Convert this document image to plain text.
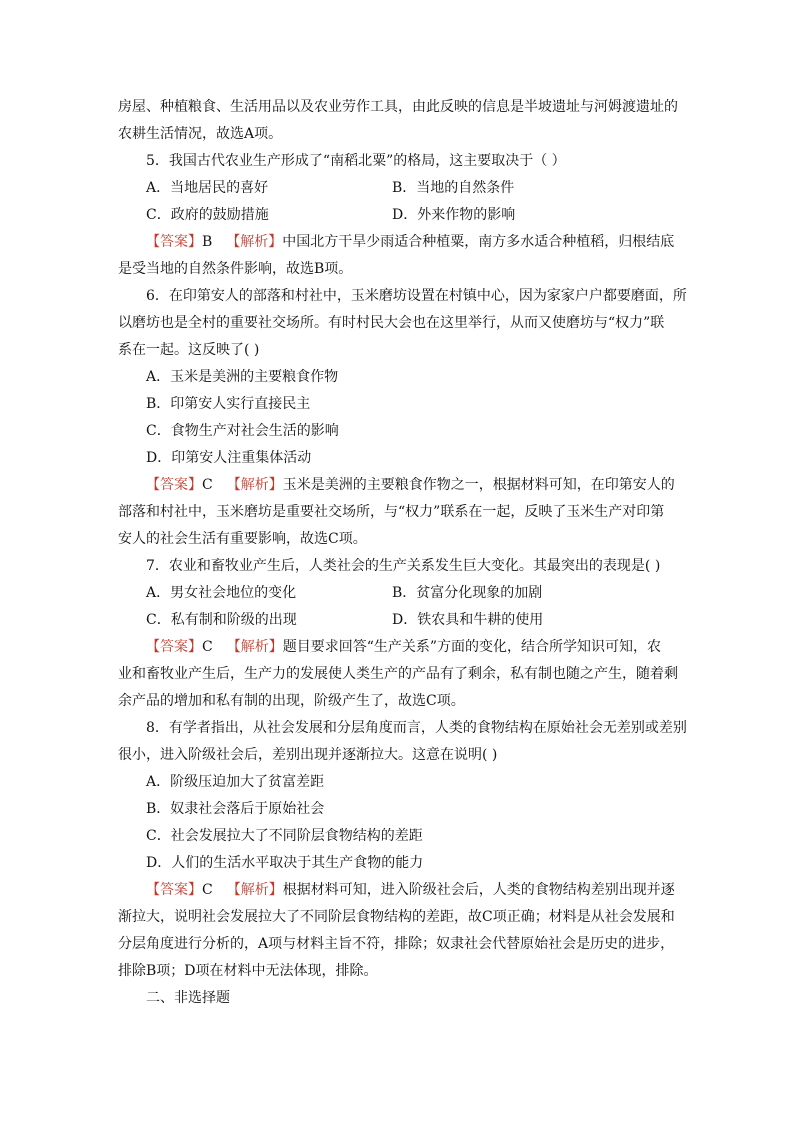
房屋、种植粮食、生活用品以及农业劳作工具，由此反映的信息是半坡遗址与河姆渡遗址的
农耕生活情况，故选A项。
5．我国古代农业生产形成了“南稻北粟”的格局，这主要取决于（ ）
A．当地居民的喜好	B．当地的自然条件
C．政府的鼓励措施	D．外来作物的影响
【答案】B 【解析】中国北方干旱少雨适合种植粟，南方多水适合种植稻，归根结底
是受当地的自然条件影响，故选B项。
6．在印第安人的部落和村社中，玉米磨坊设置在村镇中心，因为家家户户都要磨面，所
以磨坊也是全村的重要社交场所。有时村民大会也在这里举行，从而又使磨坊与“权力”联
系在一起。这反映了( )
A．玉米是美洲的主要粮食作物
B．印第安人实行直接民主
C．食物生产对社会生活的影响
D．印第安人注重集体活动
【答案】C 【解析】玉米是美洲的主要粮食作物之一，根据材料可知，在印第安人的
部落和村社中，玉米磨坊是重要社交场所，与“权力”联系在一起，反映了玉米生产对印第
安人的社会生活有重要影响，故选C项。
7．农业和畜牧业产生后，人类社会的生产关系发生巨大变化。其最突出的表现是( )
A．男女社会地位的变化	B．贫富分化现象的加剧
C．私有制和阶级的出现	D．铁农具和牛耕的使用
【答案】C 【解析】题目要求回答“生产关系”方面的变化，结合所学知识可知，农
业和畜牧业产生后，生产力的发展使人类生产的产品有了剩余，私有制也随之产生，随着剩
余产品的增加和私有制的出现，阶级产生了，故选C项。
8．有学者指出，从社会发展和分层角度而言，人类的食物结构在原始社会无差别或差别
很小，进入阶级社会后，差别出现并逐渐拉大。这意在说明( )
A．阶级压迫加大了贫富差距
B．奴隶社会落后于原始社会
C．社会发展拉大了不同阶层食物结构的差距
D．人们的生活水平取决于其生产食物的能力
【答案】C 【解析】根据材料可知，进入阶级社会后，人类的食物结构差别出现并逐
渐拉大，说明社会发展拉大了不同阶层食物结构的差距，故C项正确；材料是从社会发展和
分层角度进行分析的，A项与材料主旨不符，排除；奴隶社会代替原始社会是历史的进步，
排除B项；D项在材料中无法体现，排除。
二、非选择题
